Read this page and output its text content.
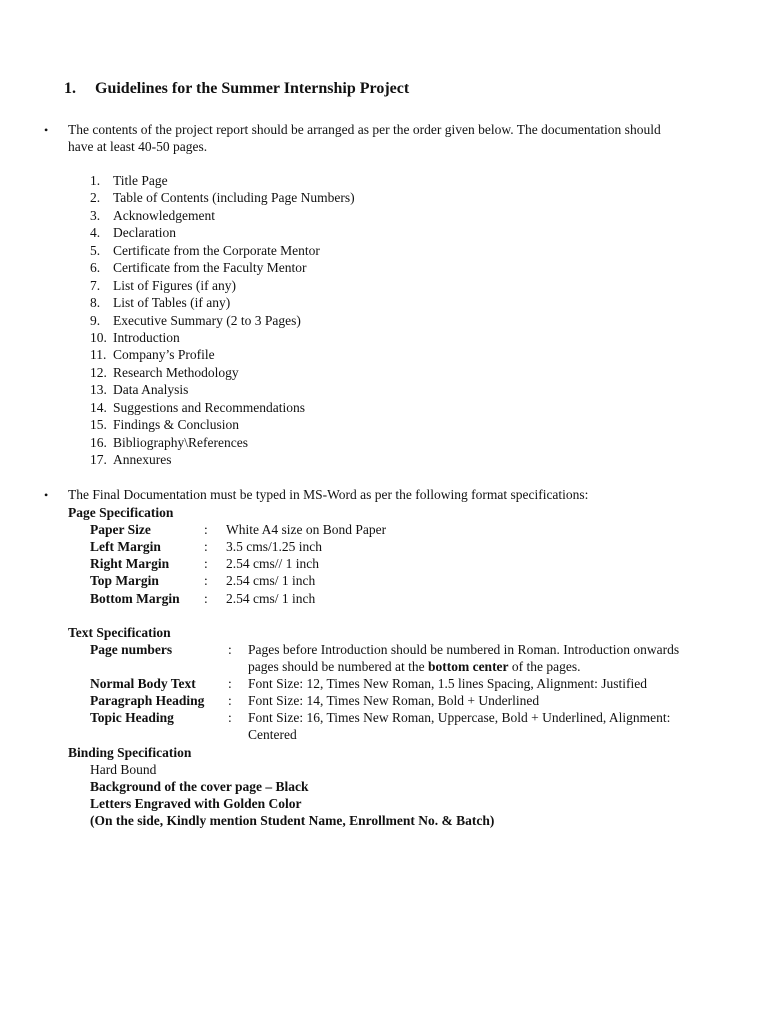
1. Guidelines for the Summer Internship Project
• The contents of the project report should be arranged as per the order given below. The documentation should
have at least 40-50 pages.
1. Title Page
2. Table of Contents (including Page Numbers)
3. Acknowledgement
4. Declaration
5. Certificate from the Corporate Mentor
6. Certificate from the Faculty Mentor
7. List of Figures (if any)
8. List of Tables (if any)
9. Executive Summary (2 to 3 Pages)
10. Introduction
11. Company’s Profile
12. Research Methodology
13. Data Analysis
14. Suggestions and Recommendations
15. Findings & Conclusion
16. Bibliography\References
17. Annexures
• The Final Documentation must be typed in MS-Word as per the following format specifications:
Page Specification
Paper Size	: White A4 size on Bond Paper
Left Margin	: 3.5 cms/1.25 inch
Right Margin	: 2.54 cms// 1 inch
Top Margin	: 2.54 cms/ 1 inch
Bottom Margin : 2.54 cms/ 1 inch
Text Specification
Page numbers	: Pages before Introduction should be numbered in Roman. Introduction onwards
pages should be numbered at the bottom center of the pages.
Normal Body Text : Font Size: 12, Times New Roman, 1.5 lines Spacing, Alignment: Justified
Paragraph Heading : Font Size: 14, Times New Roman, Bold + Underlined
Topic Heading	: Font Size: 16, Times New Roman, Uppercase, Bold + Underlined, Alignment:
Centered
Binding Specification
Hard Bound
Background of the cover page – Black
Letters Engraved with Golden Color
(On the side, Kindly mention Student Name, Enrollment No. & Batch)
